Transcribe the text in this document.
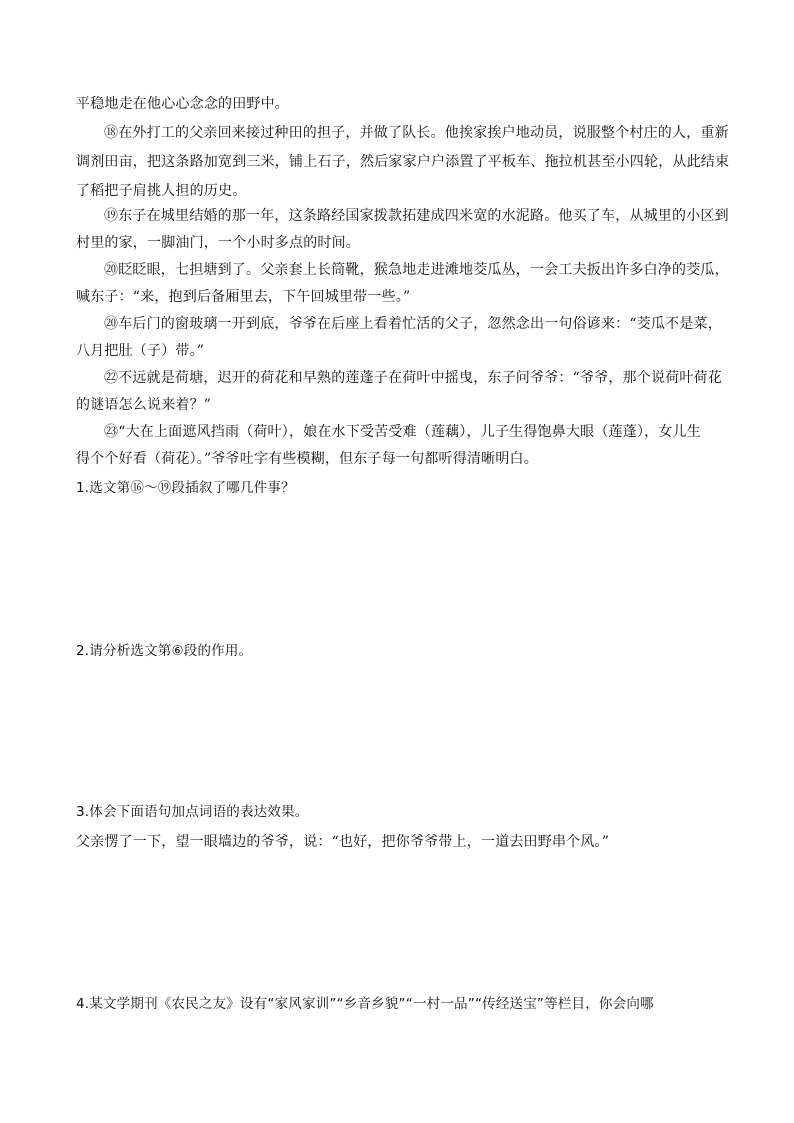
平稳地走在他心心念念的田野中。
⑱在外打工的父亲回来接过种田的担子，并做了队长。他挨家挨户地动员，说服整个村庄的人，重新
调剂田亩，把这条路加宽到三米，铺上石子，然后家家户户添置了平板车、拖拉机甚至小四轮，从此结束
了稻把子肩挑人担的历史。
⑲东子在城里结婚的那一年，这条路经国家拨款拓建成四米宽的水泥路。他买了车，从城里的小区到
村里的家，一脚油门，一个小时多点的时间。
⑳眨眨眼，七担塘到了。父亲套上长筒靴，猴急地走进滩地茭瓜丛，一会工夫扳出许多白净的茭瓜，
喊东子：“来，抱到后备厢里去，下午回城里带一些。”
⑳车后门的窗玻璃一开到底，爷爷在后座上看着忙活的父子，忽然念出一句俗谚来：“茭瓜不是菜，
八月把肚（子）带。”
㉒不远就是荷塘，迟开的荷花和早熟的莲蓬子在荷叶中摇曳，东子问爷爷：“爷爷，那个说荷叶荷花
的谜语怎么说来着？”
㉓“大在上面遮风挡雨（荷叶），娘在水下受苦受难（莲藕），儿子生得饱鼻大眼（莲蓬），女儿生
得个个好看（荷花）。”爷爷吐字有些模糊，但东子每一句都听得清晰明白。
1.选文第⑯～⑲段插叙了哪几件事？
2.请分析选文第⑥段的作用。
3.体会下面语句加点词语的表达效果。
父亲愣了一下，望一眼墙边的爷爷，说：“也好，把你爷爷带上，一道去田野串个风。”
4.某文学期刊《农民之友》设有“家风家训”“乡音乡貌”“一村一品”“传经送宝”等栏目，你会向哪
